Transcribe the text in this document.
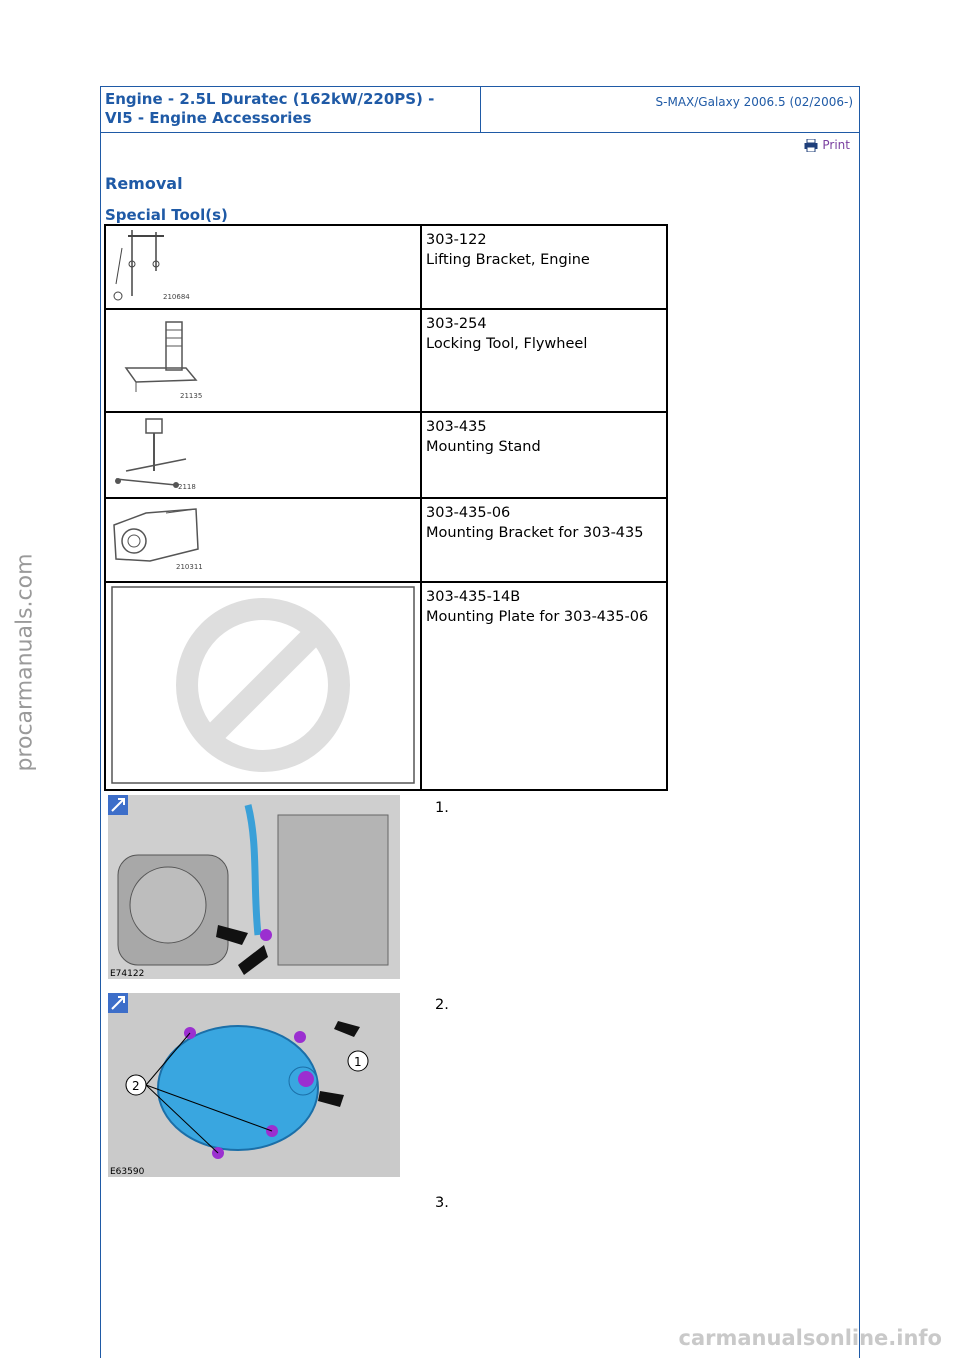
Engine - 2.5L Duratec (162kW/220PS) -
VI5 - Engine Accessories
S-MAX/Galaxy 2006.5 (02/2006-)
Print
Removal
Special Tool(s)
210684	303-122
Lifting Bracket, Engine

21135	303-254
Locking Tool, Flywheel

2118	303-435
Mounting Stand

210311	303-435-06
Mounting Bracket for 303-435

303-435-14B
Mounting Plate for 303-435-06
E74122
1.
1
2
E63590
2.
3.
procarmanuals.com
carmanualsonline.info
